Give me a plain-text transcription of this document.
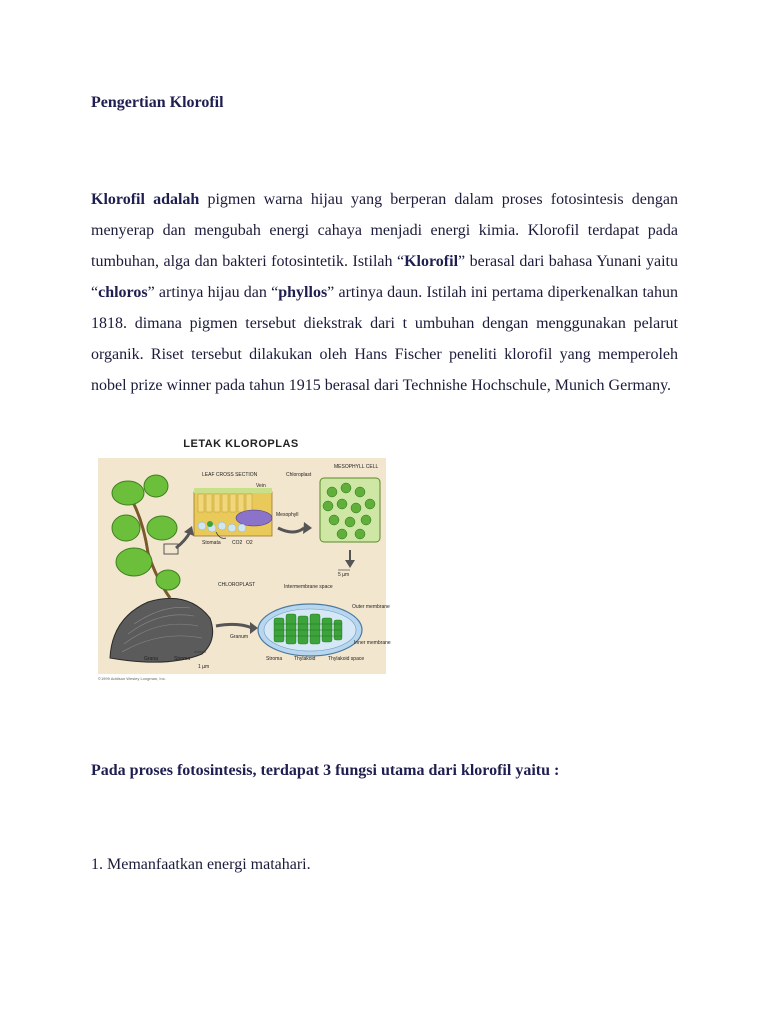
Pengertian Klorofil
Klorofil adalah pigmen warna hijau yang berperan dalam proses fotosintesis dengan menyerap dan mengubah energi cahaya menjadi energi kimia. Klorofil terdapat pada tumbuhan, alga dan bakteri fotosintetik. Istilah “Klorofil” berasal dari bahasa Yunani yaitu “chloros” artinya hijau dan “phyllos” artinya daun. Istilah ini pertama diperkenalkan tahun 1818. dimana pigmen tersebut diekstrak dari t umbuhan dengan menggunakan pelarut organik. Riset tersebut dilakukan oleh Hans Fischer peneliti klorofil yang memperoleh nobel prize winner pada tahun 1915 berasal dari Technishe Hochschule, Munich Germany.
LETAK KLOROPLAS
LEAF CROSS SECTION	Chloroplast
MESOPHYLL CELL
Vein
Mesophyll
Stomata CO2 O2
5 µm
CHLOROPLAST	Intermembrane space
Outer membrane
Granum
Inner membrane
Grana	Stroma
1 µm
Stroma Thylakoid	Thylakoid space
©1999 Addison Wesley Longman, Inc.
Pada proses fotosintesis, terdapat 3 fungsi utama dari klorofil yaitu :
1. Memanfaatkan energi matahari.
